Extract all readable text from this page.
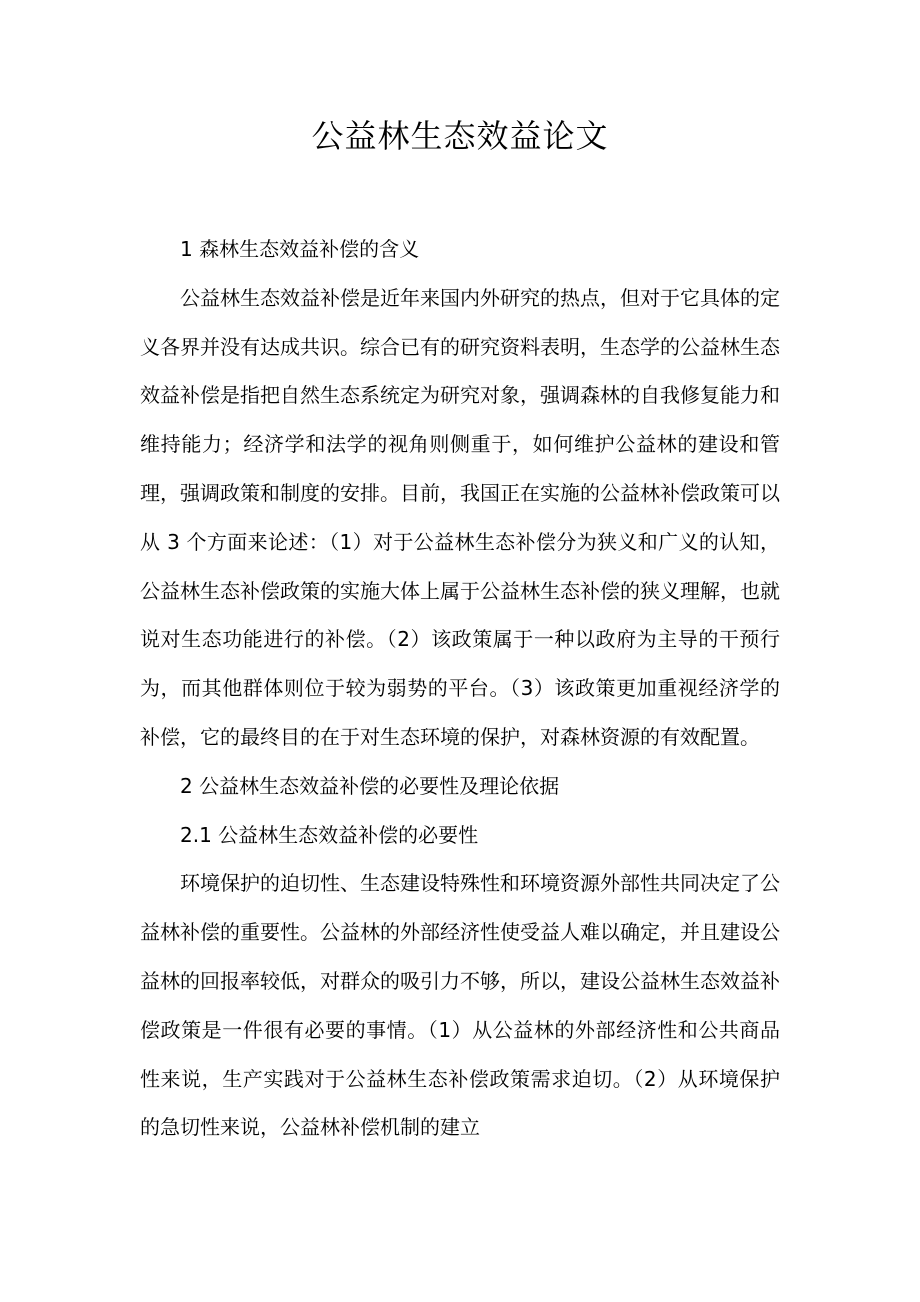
公益林生态效益论文

1 森林生态效益补偿的含义

公益林生态效益补偿是近年来国内外研究的热点，但对于它具体的定义各界并没有达成共识。综合已有的研究资料表明，生态学的公益林生态效益补偿是指把自然生态系统定为研究对象，强调森林的自我修复能力和维持能力；经济学和法学的视角则侧重于，如何维护公益林的建设和管理，强调政策和制度的安排。目前，我国正在实施的公益林补偿政策可以从 3 个方面来论述：（1）对于公益林生态补偿分为狭义和广义的认知，公益林生态补偿政策的实施大体上属于公益林生态补偿的狭义理解，也就说对生态功能进行的补偿。（2）该政策属于一种以政府为主导的干预行为，而其他群体则位于较为弱势的平台。（3）该政策更加重视经济学的补偿，它的最终目的在于对生态环境的保护，对森林资源的有效配置。

2 公益林生态效益补偿的必要性及理论依据

2.1 公益林生态效益补偿的必要性

环境保护的迫切性、生态建设特殊性和环境资源外部性共同决定了公益林补偿的重要性。公益林的外部经济性使受益人难以确定，并且建设公益林的回报率较低，对群众的吸引力不够，所以，建设公益林生态效益补偿政策是一件很有必要的事情。（1）从公益林的外部经济性和公共商品性来说，生产实践对于公益林生态补偿政策需求迫切。（2）从环境保护的急切性来说，公益林补偿机制的建立
